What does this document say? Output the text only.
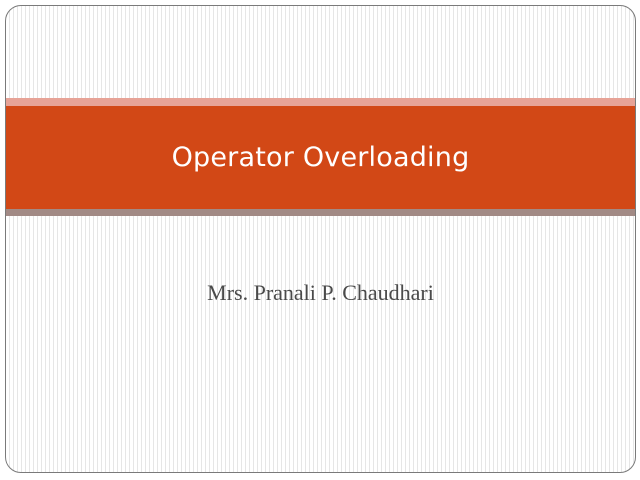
Operator Overloading
Mrs. Pranali P. Chaudhari
